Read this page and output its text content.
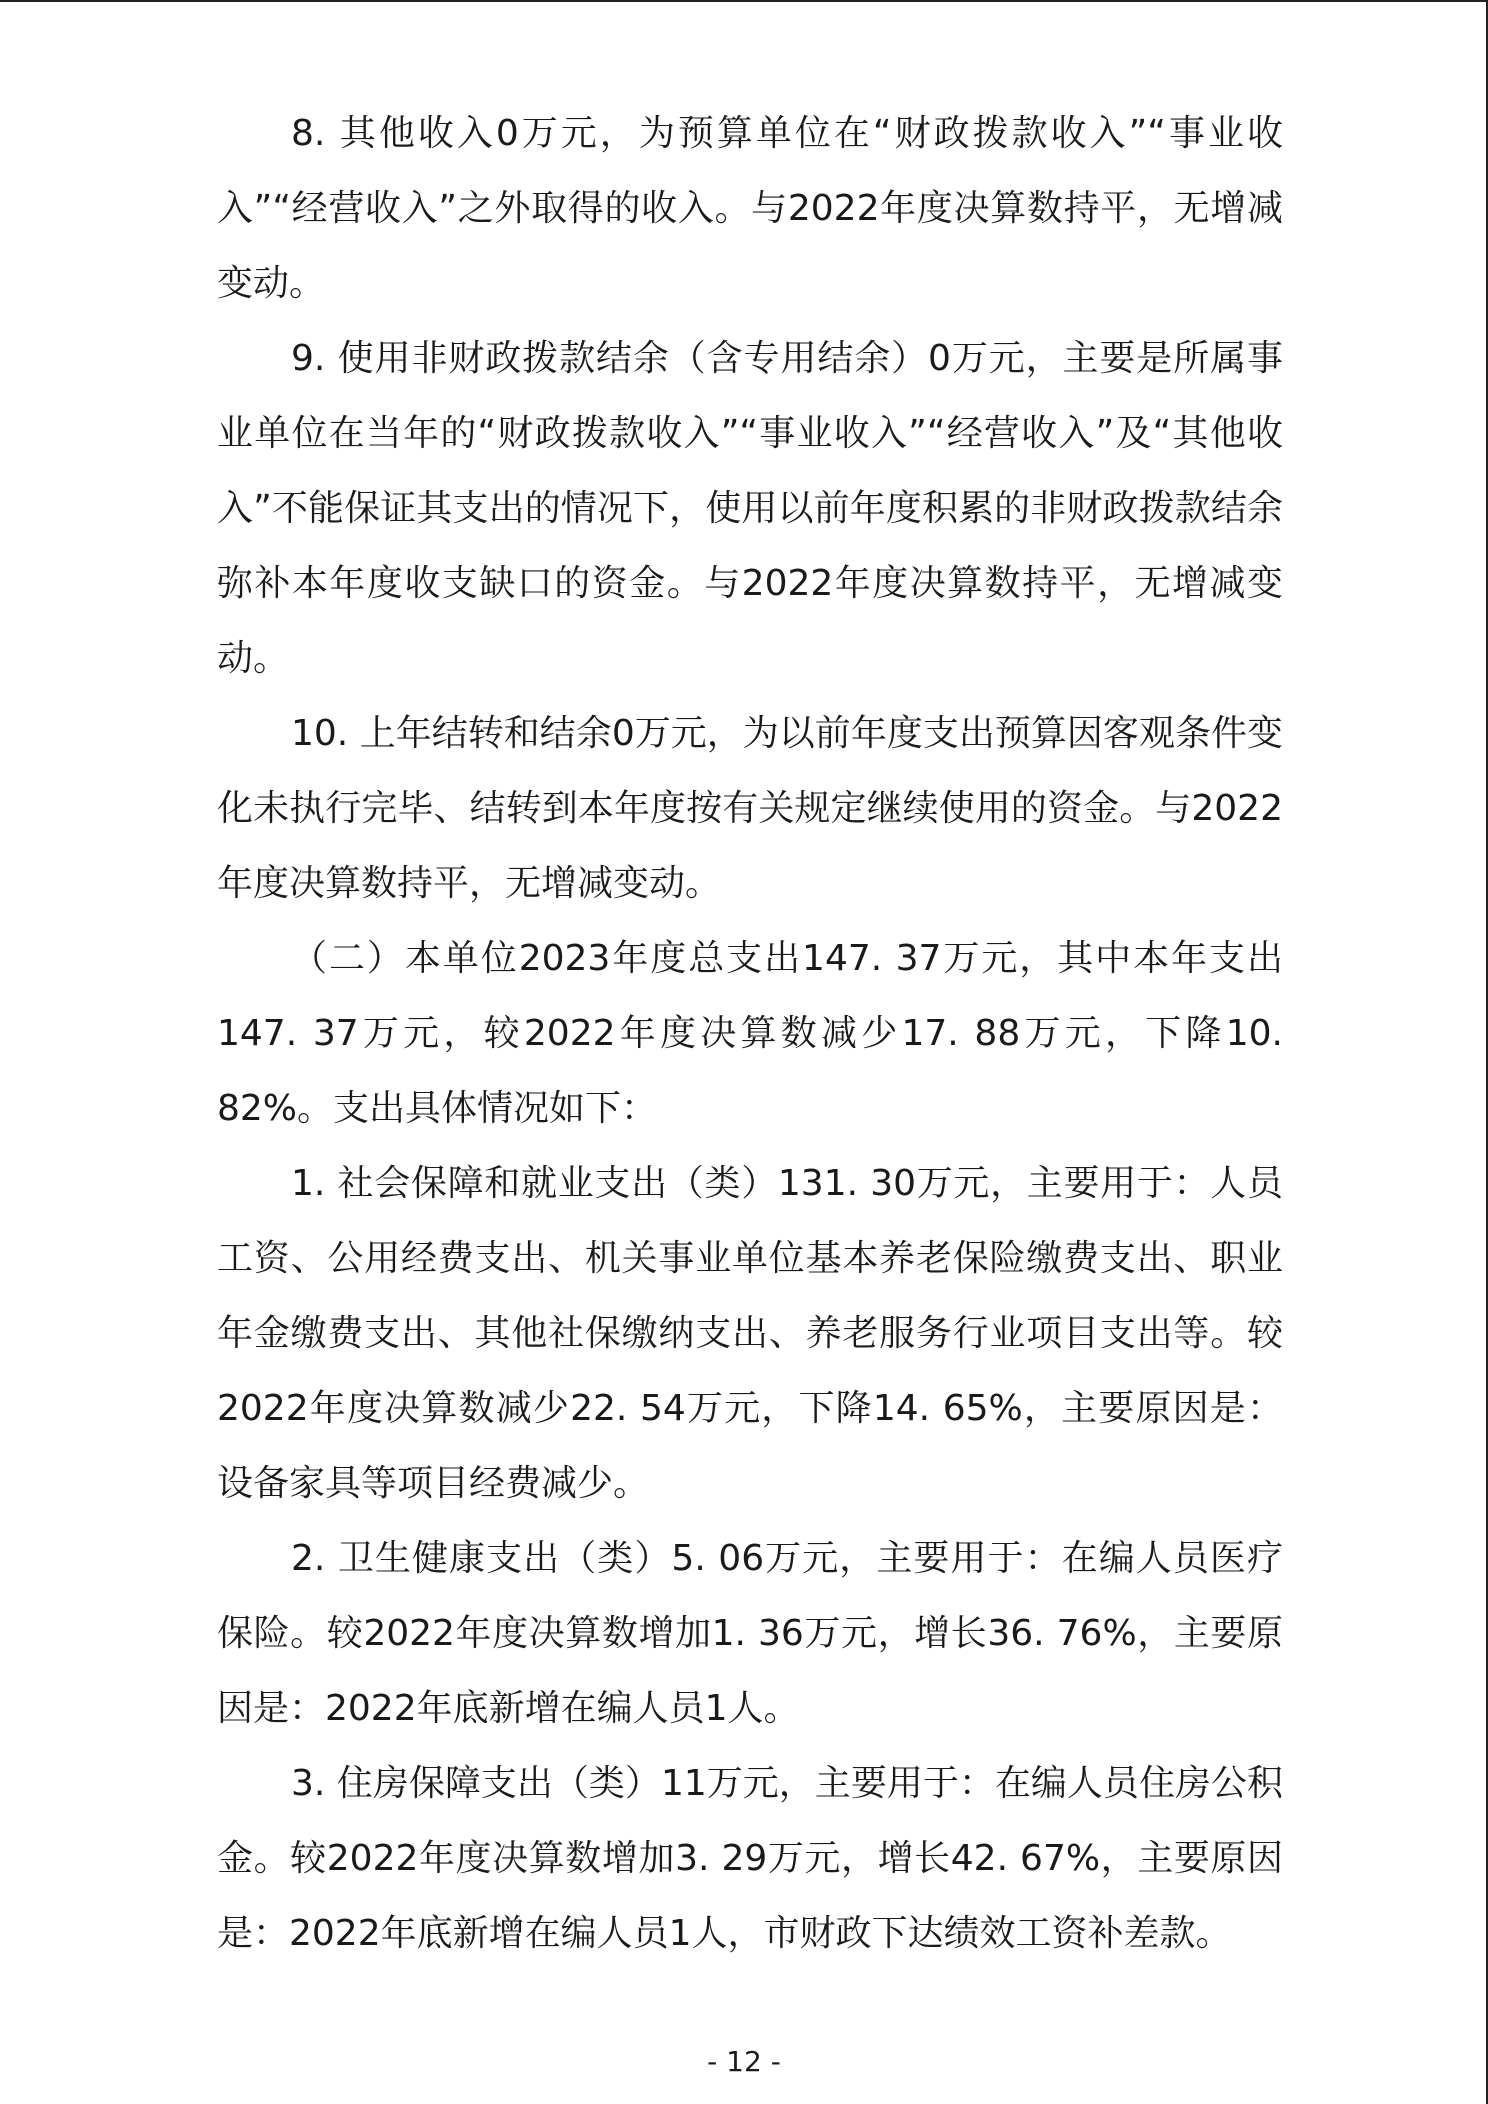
8. 其他收入0万元，为预算单位在“财政拨款收入”“事业收入”“经营收入”之外取得的收入。与2022年度决算数持平，无增减变动。

9. 使用非财政拨款结余（含专用结余）0万元，主要是所属事业单位在当年的“财政拨款收入”“事业收入”“经营收入”及“其他收入”不能保证其支出的情况下，使用以前年度积累的非财政拨款结余弥补本年度收支缺口的资金。与2022年度决算数持平，无增减变动。

10. 上年结转和结余0万元，为以前年度支出预算因客观条件变化未执行完毕、结转到本年度按有关规定继续使用的资金。与2022年度决算数持平，无增减变动。

（二）本单位2023年度总支出147. 37万元，其中本年支出147. 37万元，较2022年度决算数减少17. 88万元，下降10. 82%。支出具体情况如下：

1. 社会保障和就业支出（类）131. 30万元，主要用于：人员工资、公用经费支出、机关事业单位基本养老保险缴费支出、职业年金缴费支出、其他社保缴纳支出、养老服务行业项目支出等。较2022年度决算数减少22. 54万元，下降14. 65%，主要原因是：设备家具等项目经费减少。

2. 卫生健康支出（类）5. 06万元，主要用于：在编人员医疗保险。较2022年度决算数增加1. 36万元，增长36. 76%，主要原因是：2022年底新增在编人员1人。

3. 住房保障支出（类）11万元，主要用于：在编人员住房公积金。较2022年度决算数增加3. 29万元，增长42. 67%，主要原因是：2022年底新增在编人员1人，市财政下达绩效工资补差款。

- 12 -
